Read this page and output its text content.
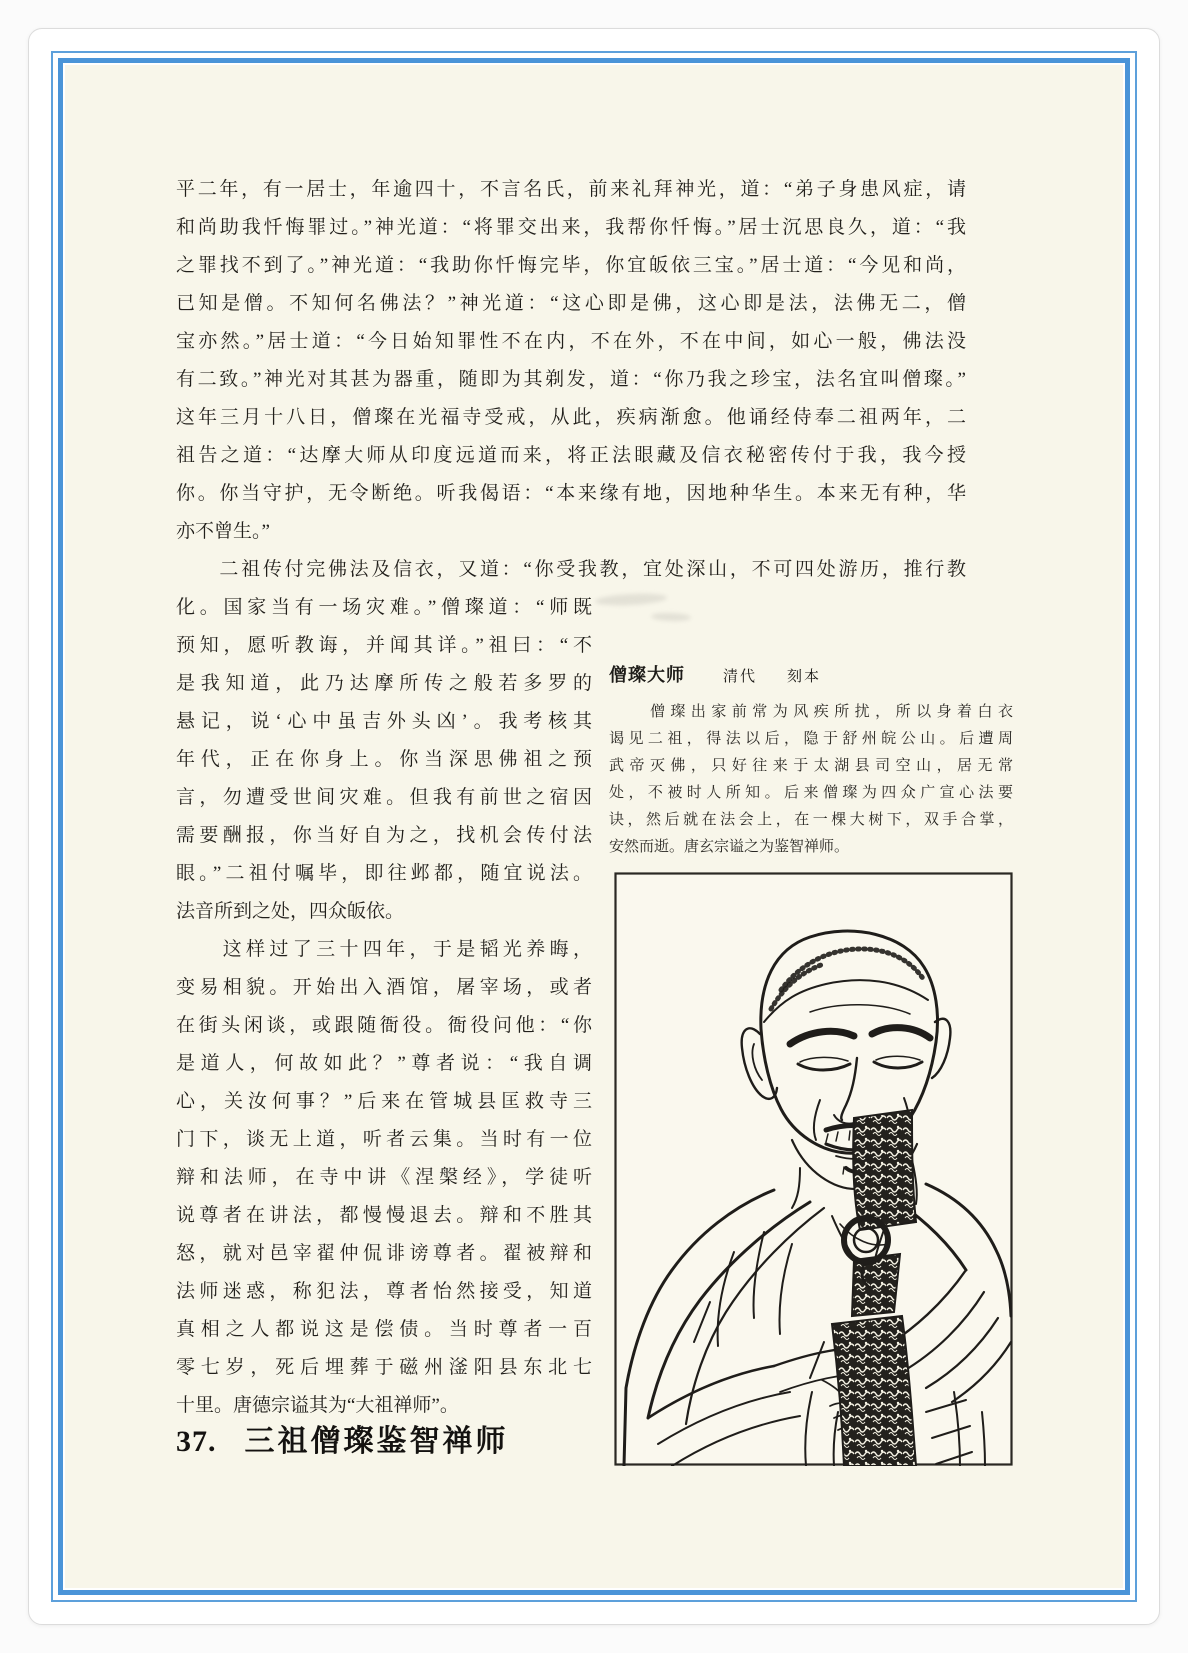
平二年，有一居士，年逾四十，不言名氏，前来礼拜神光，道：“弟子身患风症，请
和尚助我忏悔罪过。”神光道：“将罪交出来，我帮你忏悔。”居士沉思良久，道：“我
之罪找不到了。”神光道：“我助你忏悔完毕，你宜皈依三宝。”居士道：“今见和尚，
已知是僧。不知何名佛法？”神光道：“这心即是佛，这心即是法，法佛无二，僧
宝亦然。”居士道：“今日始知罪性不在内，不在外，不在中间，如心一般，佛法没
有二致。”神光对其甚为器重，随即为其剃发，道：“你乃我之珍宝，法名宜叫僧璨。”
这年三月十八日，僧璨在光福寺受戒，从此，疾病渐愈。他诵经侍奉二祖两年，二
祖告之道：“达摩大师从印度远道而来，将正法眼藏及信衣秘密传付于我，我今授
你。你当守护，无令断绝。听我偈语：“本来缘有地，因地种华生。本来无有种，华
亦不曾生。”
　　二祖传付完佛法及信衣，又道：“你受我教，宜处深山，不可四处游历，推行教
化。国家当有一场灾难。”僧璨道：“师既
预知，愿听教诲，并闻其详。”祖曰：“不
是我知道，此乃达摩所传之般若多罗的
悬记，说‘心中虽吉外头凶’。我考核其
年代，正在你身上。你当深思佛祖之预
言，勿遭受世间灾难。但我有前世之宿因
需要酬报，你当好自为之，找机会传付法
眼。”二祖付嘱毕，即往邺都，随宜说法。
法音所到之处，四众皈依。
　　这样过了三十四年，于是韬光养晦，
变易相貌。开始出入酒馆，屠宰场，或者
在街头闲谈，或跟随衙役。衙役问他：“你
是道人，何故如此？”尊者说：“我自调
心，关汝何事？”后来在管城县匡救寺三
门下，谈无上道，听者云集。当时有一位
辩和法师，在寺中讲《涅槃经》，学徒听
说尊者在讲法，都慢慢退去。辩和不胜其
怒，就对邑宰翟仲侃诽谤尊者。翟被辩和
法师迷惑，称犯法，尊者怡然接受，知道
真相之人都说这是偿债。当时尊者一百
零七岁，死后埋葬于磁州滏阳县东北七
十里。唐德宗谥其为“大祖禅师”。
僧璨大师	清代 刻本
　　僧璨出家前常为风疾所扰，所以身着白衣
谒见二祖，得法以后，隐于舒州皖公山。后遭周
武帝灭佛，只好往来于太湖县司空山，居无常
处，不被时人所知。后来僧璨为四众广宣心法要
诀，然后就在法会上，在一棵大树下，双手合掌，
安然而逝。唐玄宗谥之为鉴智禅师。
37. 三祖僧璨鉴智禅师
